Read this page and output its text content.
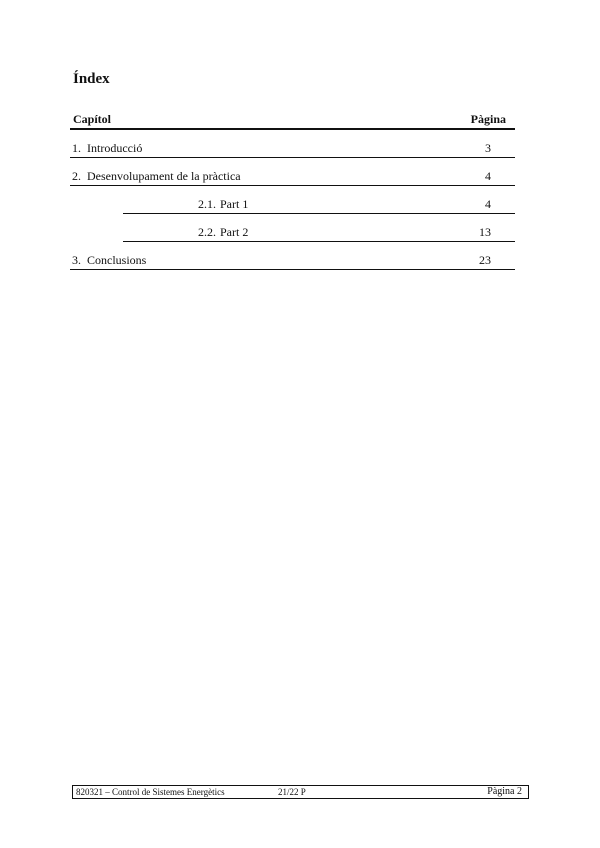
Índex
Capítol	Pàgina
1. Introducció	3
2. Desenvolupament de la pràctica	4
2.1. Part 1	4
2.2. Part 2	13
3. Conclusions	23
820321 – Control de Sistemes Energètics	21/22 P	Pàgina 2
